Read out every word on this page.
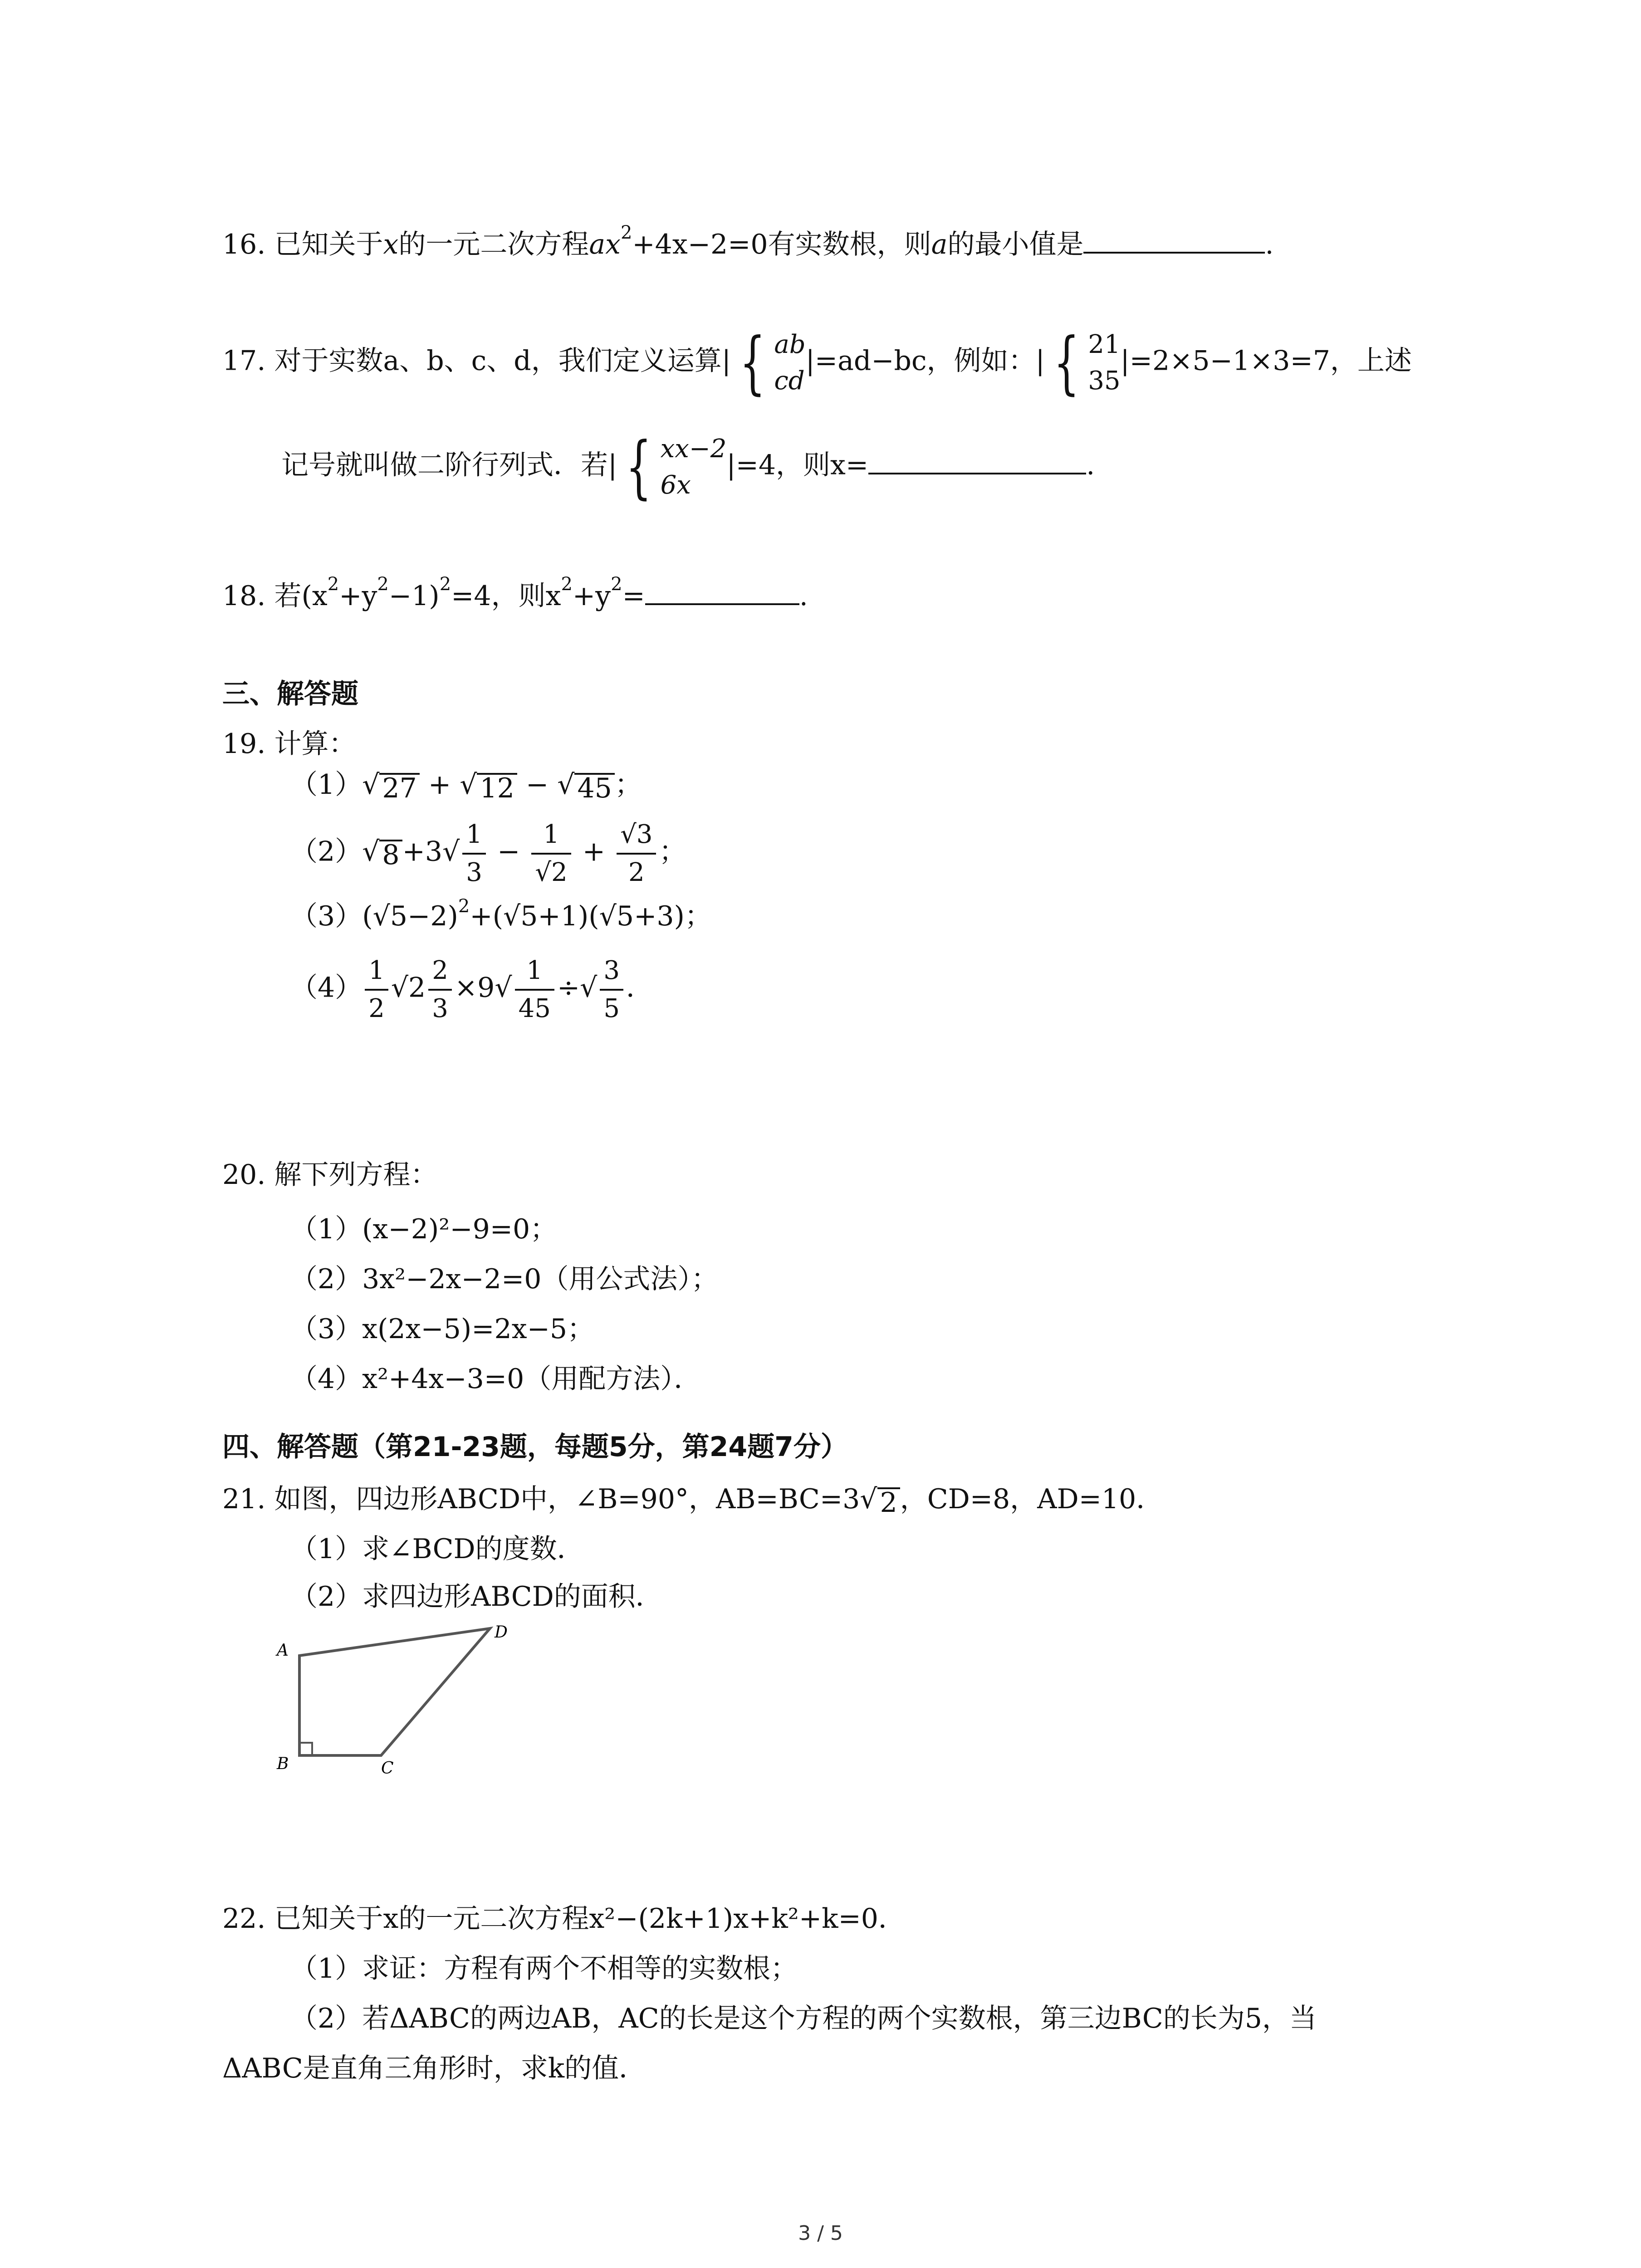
16. 已知关于x的一元二次方程$ax^2+4x-2=0$有实数根，则a的最小值是	.
17. 对于实数a、b、c、d，我们定义运算| { ab
cd|=ad−bc，例如：| { 21
35|=2×5−1×3=7，上述
记号就叫做二阶行列式．若| { xx−2
6x|=4，则x=	.
18. 若$(x^2+y^2-1)^2=4$，则$x^2+y^2=$	.
三、解答题
19. 计算：
（1）√ 27 + √ 12 − √ 45 ；
（2）√ $8 +3√ \frac{1}{3} - \frac{1}{√2} + \frac{√3}{2}$ ；
$(3)(√5-2)^2+(√5+1)(√5+3)$；
$(4) \frac{1}{2} √2 \frac{2}{3} \times 9√ \frac{1}{45}$ ÷√ $\frac{3}{5}$ ．
20. 解下列方程：
（1）(x−2)²−9=0；
（2）3x²−2x−2=0（用公式法）；
（3）x(2x−5)=2x−5；
（4）x²+4x−3=0（用配方法）．
四、解答题（第21-23题，每题5分，第24题7分）
21. 如图，四边形ABCD中，∠B=90°，AB=BC=3√ 2 ，CD=8，AD=10．
（1）求∠BCD的度数．
（2）求四边形ABCD的面积．
A
B	C
D
22. 已知关于x的一元二次方程x²−(2k+1)x+k²+k=0．
（1）求证：方程有两个不相等的实数根；
（2）若ΔABC的两边AB，AC的长是这个方程的两个实数根，第三边BC的长为5，当
ΔABC是直角三角形时，求k的值．
3 / 5
